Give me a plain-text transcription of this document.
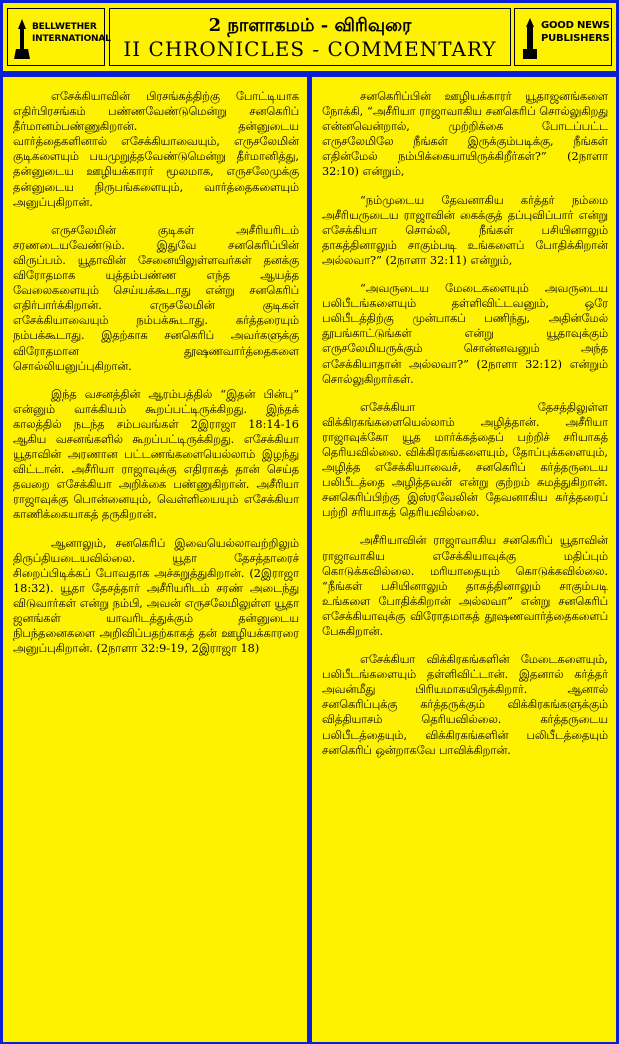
BELLWETHER
INTERNATIONAL
2 நாளாகமம் - விரிவுரை
II CHRONICLES - COMMENTARY
GOOD NEWS
PUBLISHERS

எசேக்கியாவின் பிரசங்கத்திற்கு போட்டியாக எதிர்பிரசங்கம் பண்ணவேண்டுமென்று சனகெரிப் தீர்மானம்பண்ணுகிறான். தன்னுடைய வார்த்தைகளினால் எசேக்கியாவையும், எருசலேமின் குடிகளையும் பயமுறுத்தவேண்டுமென்று தீர்மானித்து, தன்னுடைய ஊழியக்காரர் மூலமாக, எருசலேமுக்கு தன்னுடைய நிருபங்களையும், வார்த்தைகளையும் அனுப்புகிறான்.

எருசலேமின் குடிகள் அசீரியரிடம் சரணடையவேண்டும். இதுவே சனகெரிப்பின் விருப்பம். யூதாவின் சேனையிலுள்ளவர்கள் தனக்கு விரோதமாக யுத்தம்பண்ண எந்த ஆயத்த வேலைகளையும் செய்யக்கூடாது என்று சனகெரிப் எதிர்பார்க்கிறான். எருசலேமின் குடிகள் எசேக்கியாவையும் நம்பக்கூடாது. கர்த்தரையும் நம்பக்கூடாது. இதற்காக சனகெரிப் அவர்களுக்கு விரோதமான தூஷணவார்த்தைகளை சொல்லியனுப்புகிறான்.

இந்த வசனத்தின் ஆரம்பத்தில் “இதன் பின்பு” என்னும் வாக்கியம் கூறப்பட்டிருக்கிறது. இந்தக் காலத்தில் நடந்த சம்பவங்கள் 2இராஜா 18:14-16 ஆகிய வசனங்களில் கூறப்பட்டிருக்கிறது. எசேக்கியா யூதாவின் அரணான பட்டணங்களையெல்லாம் இழந்து விட்டான். அசீரியா ராஜாவுக்கு எதிராகத் தான் செய்த தவறை எசேக்கியா அறிக்கை பண்ணுகிறான். அசீரியா ராஜாவுக்கு பொன்னையும், வெள்ளியையும் எசேக்கியா காணிக்கையாகத் தருகிறான்.

ஆனாலும், சனகெரிப் இவையெல்லாவற்றிலும் திருப்தியடையவில்லை. யூதா தேசத்தாரைச் சிறைப்பிடிக்கப் போவதாக அச்சுறுத்துகிறான். (2இராஜா 18:32). யூதா தேசத்தார் அசீரியரிடம் சரண் அடைந்து விடுவார்கள் என்று நம்பி, அவன் எருசலேமிலுள்ள யூதா ஜனங்கள் யாவரிடத்துக்கும் தன்னுடைய நிபந்தனைகளை அறிவிப்பதற்காகத் தன் ஊழியக்காரரை அனுப்புகிறான். (2நாளா 32:9-19, 2இராஜா 18)

சனகெரிப்பின் ஊழியக்காரர் யூதாஜனங்களை நோக்கி, “அசீரியா ராஜாவாகிய சனகெரிப் சொல்லுகிறது என்னவென்றால், முற்றிக்கை போடப்பட்ட எருசலேமிலே நீங்கள் இருக்கும்படிக்கு, நீங்கள் எதின்மேல் நம்பிக்கையாயிருக்கிறீர்கள்?” (2நாளா 32:10) என்றும்,

“நம்முடைய தேவனாகிய கர்த்தர் நம்மை அசீரியருடைய ராஜாவின் கைக்குத் தப்புவிப்பார் என்று எசேக்கியா சொல்லி, நீங்கள் பசியினாலும் தாகத்தினாலும் சாகும்படி உங்களைப் போதிக்கிறான் அல்லவா?” (2நாளா 32:11) என்றும்,

“அவருடைய மேடைகளையும் அவருடைய பலிபீடங்களையும் தள்ளிவிட்டவனும், ஒரே பலிபீடத்திற்கு முன்பாகப் பணிந்து, அதின்மேல் தூபங்காட்டுங்கள் என்று யூதாவுக்கும் எருசலேமியருக்கும் சொன்னவனும் அந்த எசேக்கியாதான் அல்லவா?” (2நாளா 32:12) என்றும் சொல்லுகிறார்கள்.

எசேக்கியா தேசத்திலுள்ள விக்கிரகங்களையெல்லாம் அழித்தான். அசீரியா ராஜாவுக்கோ யூத மார்க்கத்தைப் பற்றிச் சரியாகத் தெரியவில்லை. விக்கிரகங்களையும், தோப்புக்களையும், அழித்த எசேக்கியாவைச், சனகெரிப் கர்த்தருடைய பலிபீடத்தை அழித்தவன் என்று குற்றம் சுமத்துகிறான். சனகெரிப்பிற்கு இஸ்ரவேலின் தேவனாகிய கர்த்தரைப் பற்றி சரியாகத் தெரியவில்லை.

அசீரியாவின் ராஜாவாகிய சனகெரிப் யூதாவின் ராஜாவாகிய எசேக்கியாவுக்கு மதிப்பும் கொடுக்கவில்லை. மரியாதையும் கொடுக்கவில்லை. “நீங்கள் பசியினாலும் தாகத்தினாலும் சாகும்படி உங்களை போதிக்கிறான் அல்லவா” என்று சனகெரிப் எசேக்கியாவுக்கு விரோதமாகத் தூஷணவார்த்தைகளைப் பேசுகிறான்.

எசேக்கியா விக்கிரகங்களின் மேடைகளையும், பலிபீடங்களையும் தள்ளிவிட்டான். இதனால் கர்த்தர் அவன்மீது பிரியமாகயிருக்கிறார். ஆனால் சனகெரிப்புக்கு கர்த்தருக்கும் விக்கிரகங்களுக்கும் வித்தியாசம் தெரியவில்லை. கர்த்தருடைய பலிபீடத்தையும், விக்கிரகங்களின் பலிபீடத்தையும் சனகெரிப் ஒன்றாகவே பாவிக்கிறான்.
